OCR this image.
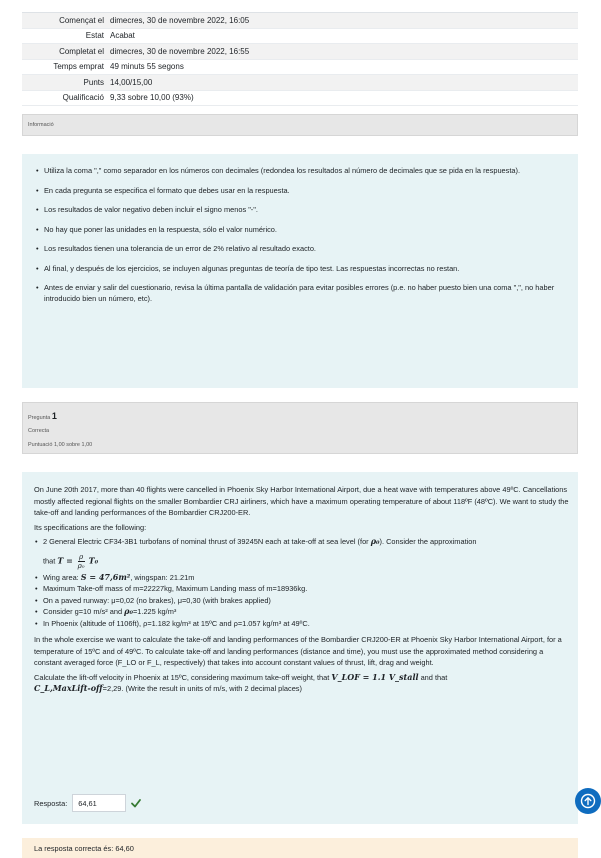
Començat el dimecres, 30 de novembre 2022, 16:05
Estat Acabat
Completat el dimecres, 30 de novembre 2022, 16:55
Temps emprat 49 minuts 55 segons
Punts 14,00/15,00
Qualificació 9,33 sobre 10,00 (93%)
Informació
• Utiliza la coma "," como separador en los números con decimales (redondea los resultados al número de decimales que se pida en la respuesta).
• En cada pregunta se especifica el formato que debes usar en la respuesta.
• Los resultados de valor negativo deben incluir el signo menos "-".
• No hay que poner las unidades en la respuesta, sólo el valor numérico.
• Los resultados tienen una tolerancia de un error de 2% relativo al resultado exacto.
• Al final, y después de los ejercicios, se incluyen algunas preguntas de teoría de tipo test. Las respuestas incorrectas no restan.
• Antes de enviar y salir del cuestionario, revisa la última pantalla de validación para evitar posibles errores (p.e. no haber puesto bien una coma ",", no haber introducido bien un número, etc).
Pregunta 1
Correcta
Puntuació 1,00 sobre 1,00

On June 20th 2017, more than 40 flights were cancelled in Phoenix Sky Harbor International Airport, due a heat wave with temperatures above 49ºC. Cancellations mostly affected regional flights on the smaller Bombardier CRJ airliners, which have a maximum operating temperature of about 118ºF (48ºC). We want to study the take-off and landing performances of the Bombardier CRJ200-ER.

Its specifications are the following:

• 2 General Electric CF34-3B1 turbofans of nominal thrust of 39245N each at take-off at sea level (for ρ₀). Consider the approximation
that $T = \frac{\rho}{\text{ρ₀}} T_0$
• Wing area: S = 47,6m², wingspan: 21.21m
• Maximum Take-off mass of m=22227kg, Maximum Landing mass of m=18936kg.
• On a paved runway: μ=0,02 (no brakes), μ=0,30 (with brakes applied)
• Consider g=10 m/s² and ρ₀=1.225 kg/m³
• In Phoenix (altitude of 1106ft), ρ=1.182 kg/m³ at 15ºC and ρ=1.057 kg/m³ at 49ºC.

In the whole exercise we want to calculate the take-off and landing performances of the Bombardier CRJ200-ER at Phoenix Sky Harbor International Airport, for a temperature of 15ºC and of 49ºC. To calculate take-off and landing performances (distance and time), you must use the approximated method considering a constant averaged force (F_LO or F_L, respectively) that takes into account constant values of thrust, lift, drag and weight.

Calculate the lift-off velocity in Phoenix at 15ºC, considering maximum take-off weight, that V_LOF = 1.1 V_stall and that
C_L,MaxLift-off=2,29. (Write the result in units of m/s, with 2 decimal places)

Resposta:	64,61
La resposta correcta és: 64,60
